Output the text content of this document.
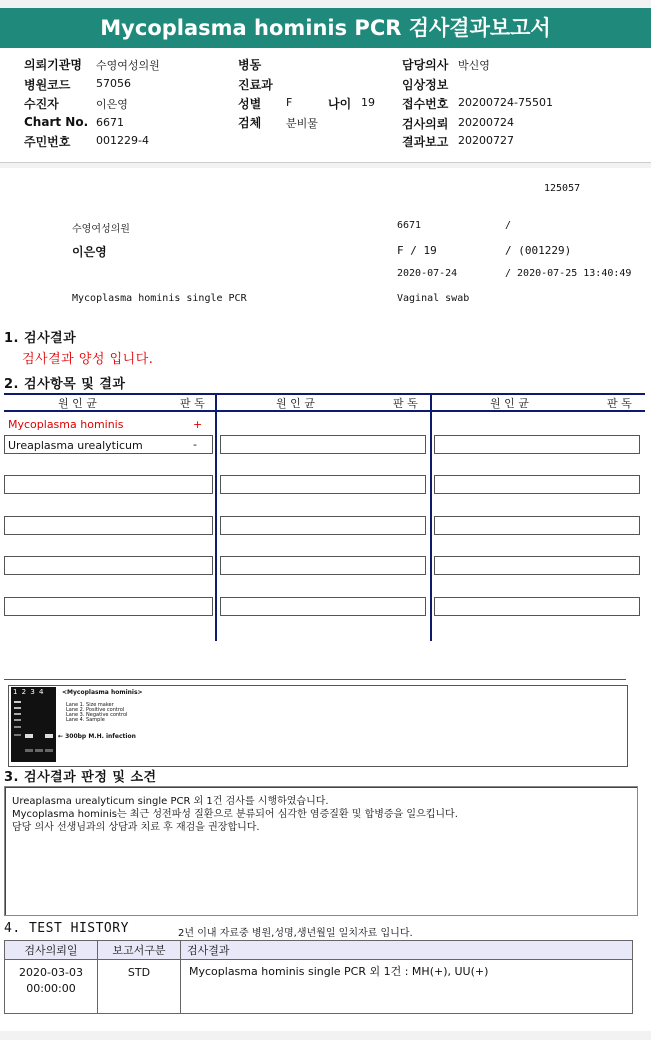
Mycoplasma hominis PCR 검사결과보고서
의뢰기관명 수영여성의원
병원코드 57056
수진자	이은영
Chart No. 6671
주민번호 001229-4
병동
진료과
성별 F	나이 19
검체 분비물
담당의사 박신영
임상정보
접수번호 20200724-75501
검사의뢰 20200724
결과보고 20200727
125057
수영여성의원	6671	/
이은영	F / 19	/ (001229)
2020-07-24	/ 2020-07-25 13:40:49
Mycoplasma hominis single PCR	Vaginal swab
1. 검사결과
검사결과 양성 입니다.
2. 검사항목 및 결과
원 인 균	판 독	원 인 균	판 독	원 인 균	판 독
Mycoplasma hominis	+
Ureaplasma urealyticum	-
1 2 3 4	<Mycoplasma hominis>
Lane 1. Size maker
Lane 2. Positive control
Lane 3. Negative control
Lane 4. Sample
← 300bp M.H. infection
3. 검사결과 판정 및 소견
Ureaplasma urealyticum single PCR 외 1건 검사를 시행하였습니다.
Mycoplasma hominis는 최근 성전파성 질환으로 분류되어 심각한 염증질환 및 합병증을 일으킵니다.
담당 의사 선생님과의 상담과 치료 후 재검을 권장합니다.
4. TEST HISTORY	2년 이내 자료중 병원,성명,생년월일 일치자료 입니다.
검사의뢰일	보고서구분	검사결과

2020-03-03
00:00:00	STD	Mycoplasma hominis single PCR 외 1건 : MH(+), UU(+)
